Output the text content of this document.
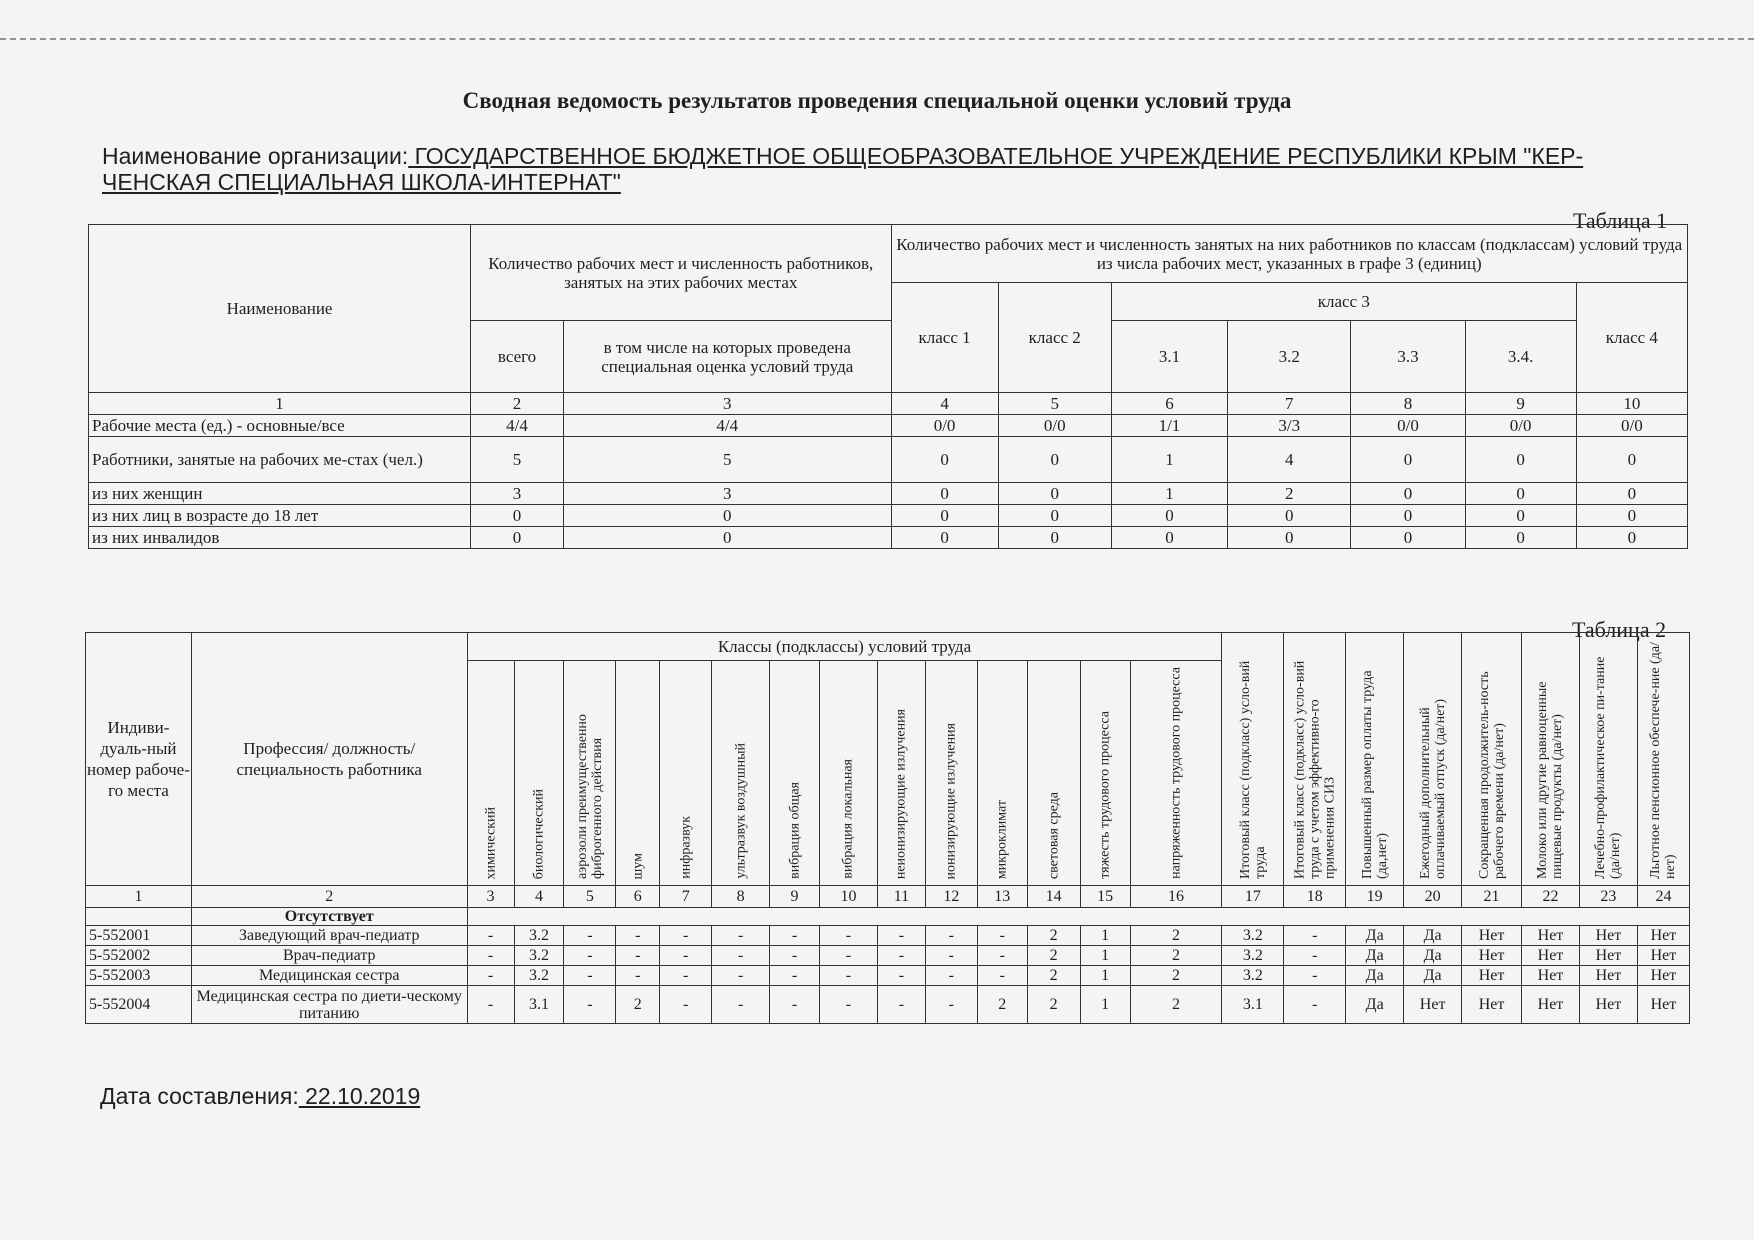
Сводная ведомость результатов проведения специальной оценки условий труда
Наименование организации: ГОСУДАРСТВЕННОЕ БЮДЖЕТНОЕ ОБЩЕОБРАЗОВАТЕЛЬНОЕ УЧРЕЖДЕНИЕ РЕСПУБЛИКИ КРЫМ "КЕР-ЧЕНСКАЯ СПЕЦИАЛЬНАЯ ШКОЛА-ИНТЕРНАТ"
Таблица 1
Наименование	Количество рабочих мест и численность работников, занятых на этих рабочих местах		Количество рабочих мест и численность занятых на них работников по классам (подклассам) условий труда из числа рабочих мест, указанных в графе 3 (единиц)						
			класс 1	класс 2	класс 3				класс 4
	всего	в том числе на которых проведена специальная оценка условий труда			3.1	3.2	3.3	3.4.	
1	2	3	4	5	6	7	8	9	10
Рабочие места (ед.) - основные/все	4/4	4/4	0/0	0/0	1/1	3/3	0/0	0/0	0/0
Работники, занятые на рабочих ме-стах (чел.)	5	5	0	0	1	4	0	0	0
из них женщин	3	3	0	0	1	2	0	0	0
из них лиц в возрасте до 18 лет	0	0	0	0	0	0	0	0	0
из них инвалидов	0	0	0	0	0	0	0	0	0
Таблица 2
Индиви-дуаль-ный номер рабоче-го места	Профессия/ должность/ специальность работника	Классы (подклассы) условий труда														Итоговый класс (подкласс) усло-вий труда	Итоговый класс (подкласс) усло-вий труда с учетом эффективно-го применения СИЗ	Повышенный размер оплаты труда (да,нет)	Ежегодный дополнительный оплачиваемый отпуск (да/нет)	Сокращенная продолжитель-ность рабочего времени (да/нет)	Молоко или другие равноценные пищевые продукты (да/нет)	Лечебно-профилактическое пи-тание (да/нет)	Льготное пенсионное обеспече-ние (да/нет)

		химический	биологический	аэрозоли преимущественно фиброгенного действия	шум	инфразвук	ультразвук воздушный	вибрация общая	вибрация локальная	неионизирующие излучения	ионизирующие излучения	микроклимат	световая среда	тяжесть трудового процесса	напряженность трудового процесса								

1	2	3	4	5	6	7	8	9	10	11	12	13	14	15	16	17	18	19	20	21	22	23	24
	Отсутствует																						
5-552001	Заведующий врач-педиатр	-	3.2	-	-	-	-	-	-	-	-	-	2	1	2	3.2	-	Да	Да	Нет	Нет	Нет	Нет
5-552002	Врач-педиатр	-	3.2	-	-	-	-	-	-	-	-	-	2	1	2	3.2	-	Да	Да	Нет	Нет	Нет	Нет
5-552003	Медицинская сестра	-	3.2	-	-	-	-	-	-	-	-	-	2	1	2	3.2	-	Да	Да	Нет	Нет	Нет	Нет
5-552004	Медицинская сестра по диети-ческому питанию	-	3.1	-	2	-	-	-	-	-	-	2	2	1	2	3.1	-	Да	Нет	Нет	Нет	Нет	Нет
Дата составления: 22.10.2019
